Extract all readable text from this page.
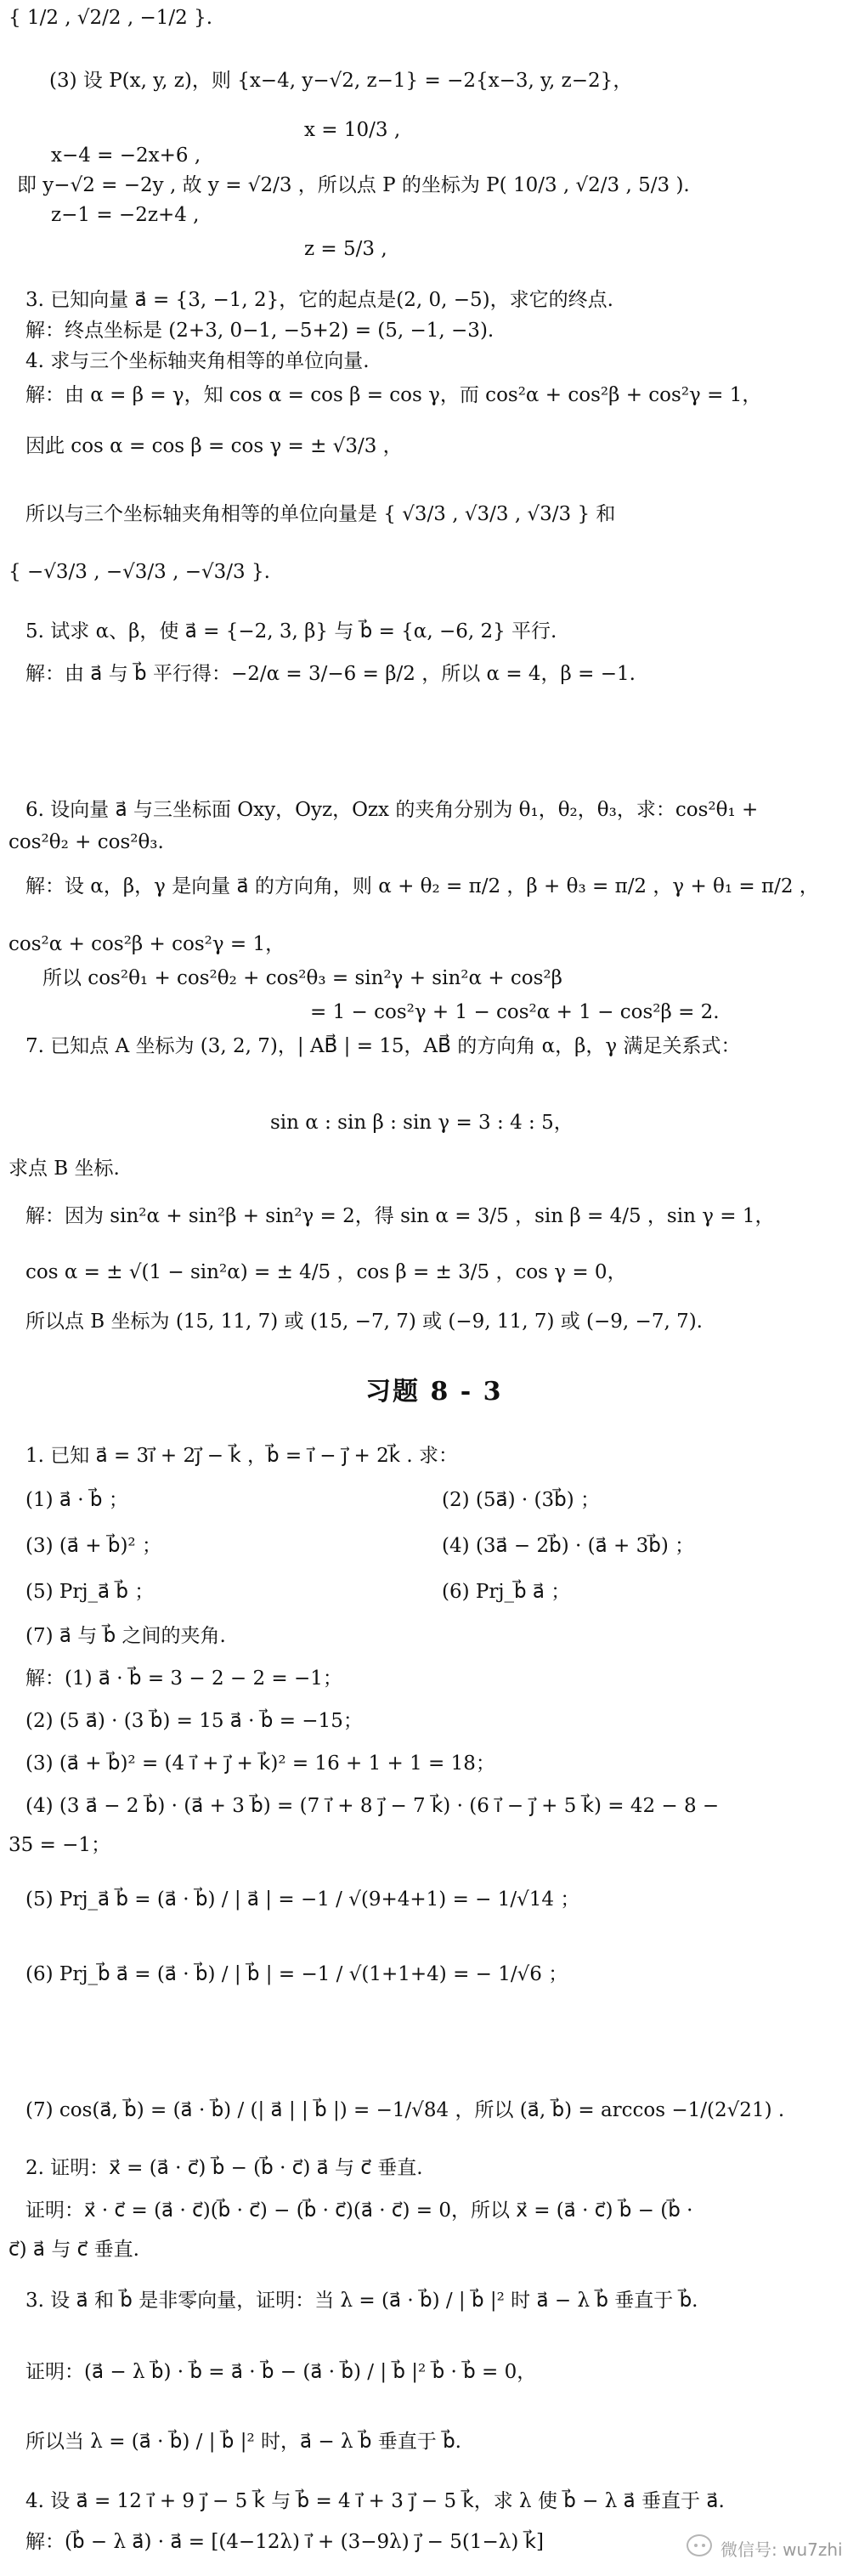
{ 1/2 , √2/2 , −1/2 }.
(3) 设 P(x, y, z)，则 {x−4, y−√2, z−1} = −2{x−3, y, z−2}，
x = 10/3 ,
x−4 = −2x+6 ,
即 y−√2 = −2y , 故 y = √2/3 ，所以点 P 的坐标为 P( 10/3 , √2/3 , 5/3 ).
z−1 = −2z+4 ,
z = 5/3 ,
3. 已知向量 a⃗ = {3, −1, 2}，它的起点是(2, 0, −5)，求它的终点.
解：终点坐标是 (2+3, 0−1, −5+2) = (5, −1, −3).
4. 求与三个坐标轴夹角相等的单位向量.
解：由 α = β = γ，知 cos α = cos β = cos γ，而 cos²α + cos²β + cos²γ = 1，
因此 cos α = cos β = cos γ = ± √3/3 ，
所以与三个坐标轴夹角相等的单位向量是 { √3/3 , √3/3 , √3/3 } 和
{ −√3/3 , −√3/3 , −√3/3 }.
5. 试求 α、β，使 a⃗ = {−2, 3, β} 与 b⃗ = {α, −6, 2} 平行.
解：由 a⃗ 与 b⃗ 平行得：−2/α = 3/−6 = β/2 ，所以 α = 4，β = −1.
6. 设向量 a⃗ 与三坐标面 Oxy，Oyz，Ozx 的夹角分别为 θ₁，θ₂，θ₃，求：cos²θ₁ +
cos²θ₂ + cos²θ₃.
解：设 α，β，γ 是向量 a⃗ 的方向角，则 α + θ₂ = π/2 ，β + θ₃ = π/2 ，γ + θ₁ = π/2 ，
cos²α + cos²β + cos²γ = 1，
所以 cos²θ₁ + cos²θ₂ + cos²θ₃ = sin²γ + sin²α + cos²β
= 1 − cos²γ + 1 − cos²α + 1 − cos²β = 2.
7. 已知点 A 坐标为 (3, 2, 7)，| AB⃗ | = 15，AB⃗ 的方向角 α，β，γ 满足关系式：
sin α : sin β : sin γ = 3 : 4 : 5，
求点 B 坐标.
解：因为 sin²α + sin²β + sin²γ = 2，得 sin α = 3/5 ，sin β = 4/5 ，sin γ = 1，
cos α = ± √(1 − sin²α) = ± 4/5 ，cos β = ± 3/5 ，cos γ = 0，
所以点 B 坐标为 (15, 11, 7) 或 (15, −7, 7) 或 (−9, 11, 7) 或 (−9, −7, 7).
习题 8 - 3
1. 已知 a⃗ = 3i⃗ + 2j⃗ − k⃗ ，b⃗ = i⃗ − j⃗ + 2k⃗ . 求：
(1) a⃗ · b⃗ ；	(2) (5a⃗) · (3b⃗) ；
(3) (a⃗ + b⃗)² ；	(4) (3a⃗ − 2b⃗) · (a⃗ + 3b⃗) ；
(5) Prj_a⃗ b⃗ ；	(6) Prj_b⃗ a⃗ ；
(7) a⃗ 与 b⃗ 之间的夹角.
解：(1) a⃗ · b⃗ = 3 − 2 − 2 = −1；
(2) (5 a⃗) · (3 b⃗) = 15 a⃗ · b⃗ = −15；
(3) (a⃗ + b⃗)² = (4 i⃗ + j⃗ + k⃗)² = 16 + 1 + 1 = 18；
(4) (3 a⃗ − 2 b⃗) · (a⃗ + 3 b⃗) = (7 i⃗ + 8 j⃗ − 7 k⃗) · (6 i⃗ − j⃗ + 5 k⃗) = 42 − 8 −
35 = −1；
(5) Prj_a⃗ b⃗ = (a⃗ · b⃗) / | a⃗ | = −1 / √(9+4+1) = − 1/√14 ；
(6) Prj_b⃗ a⃗ = (a⃗ · b⃗) / | b⃗ | = −1 / √(1+1+4) = − 1/√6 ；
(7) cos(a⃗, b⃗) = (a⃗ · b⃗) / (| a⃗ | | b⃗ |) = −1/√84 ，所以 (a⃗, b⃗) = arccos −1/(2√21) .
2. 证明：x⃗ = (a⃗ · c⃗) b⃗ − (b⃗ · c⃗) a⃗ 与 c⃗ 垂直.
证明：x⃗ · c⃗ = (a⃗ · c⃗)(b⃗ · c⃗) − (b⃗ · c⃗)(a⃗ · c⃗) = 0，所以 x⃗ = (a⃗ · c⃗) b⃗ − (b⃗ ·
c⃗) a⃗ 与 c⃗ 垂直.
3. 设 a⃗ 和 b⃗ 是非零向量，证明：当 λ = (a⃗ · b⃗) / | b⃗ |² 时 a⃗ − λ b⃗ 垂直于 b⃗.
证明：(a⃗ − λ b⃗) · b⃗ = a⃗ · b⃗ − (a⃗ · b⃗) / | b⃗ |² b⃗ · b⃗ = 0，
所以当 λ = (a⃗ · b⃗) / | b⃗ |² 时，a⃗ − λ b⃗ 垂直于 b⃗.
4. 设 a⃗ = 12 i⃗ + 9 j⃗ − 5 k⃗ 与 b⃗ = 4 i⃗ + 3 j⃗ − 5 k⃗，求 λ 使 b⃗ − λ a⃗ 垂直于 a⃗.
解：(b⃗ − λ a⃗) · a⃗ = [(4−12λ) i⃗ + (3−9λ) j⃗ − 5(1−λ) k⃗]	微信号: wu7zhi
